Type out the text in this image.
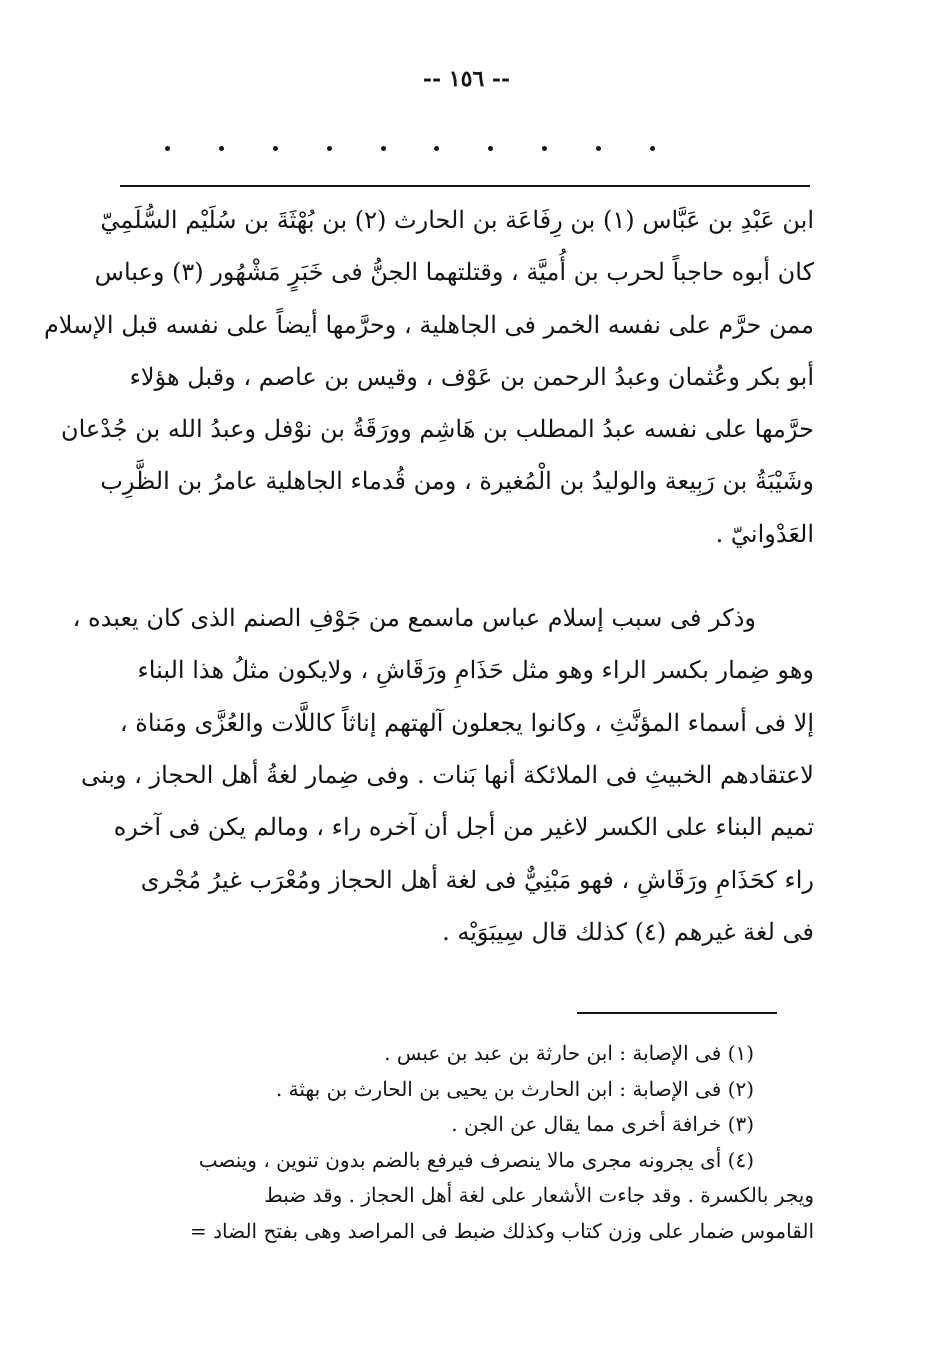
-- ١٥٦ --
ابن عَبْدِ بن عَبَّاس (١) بن رِفَاعَة بن الحارث (٢) بن بُهْثَةَ بن سُلَيْم السُّلَمِيّ
كان أبوه حاجباً لحرب بن أُميَّة ، وقتلتهما الجنُّ فى خَبَرٍ مَشْهُور (٣) وعباس
ممن حرَّم على نفسه الخمر فى الجاهلية ، وحرَّمها أيضاً على نفسه قبل الإسلام
أبو بكر وعُثمان وعبدُ الرحمن بن عَوْف ، وقيس بن عاصم ، وقبل هؤلاء
حرَّمها على نفسه عبدُ المطلب بن هَاشِم وورَقَةُ بن نوْفل وعبدُ الله بن جُدْعان
وشَيْبَةُ بن رَبِيعة والوليدُ بن الْمُغيرة ، ومن قُدماء الجاهلية عامرُ بن الظَّرِب
العَدْوانيّ .
وذكر فى سبب إسلام عباس ماسمع من جَوْفِ الصنم الذى كان يعبده ،
وهو ضِمار بكسر الراء وهو مثل حَذَامِ ورَقَاشِ ، ولايكون مثلُ هذا البناء
إلا فى أسماء المؤنَّثِ ، وكانوا يجعلون آلهتهم إناثاً كاللَّات والعُزَّى ومَناة ،
لاعتقادهم الخبيثِ فى الملائكة أنها بَنات . وفى ضِمار لغةُ أهل الحجاز ، وبنى
تميم البناء على الكسر لاغير من أجل أن آخره راء ، ومالم يكن فى آخره
راء كحَذَامِ ورَقَاشِ ، فهو مَبْنِيٌّ فى لغة أهل الحجاز ومُعْرَب غيرُ مُجْرى
فى لغة غيرهم (٤) كذلك قال سِيبَوَيْه .
(١) فى الإصابة : ابن حارثة بن عبد بن عبس .
(٢) فى الإصابة : ابن الحارث بن يحيى بن الحارث بن بهثة .
(٣) خرافة أخرى مما يقال عن الجن .
(٤) أى يجرونه مجرى مالا ينصرف فيرفع بالضم بدون تنوين ، وينصب
ويجر بالكسرة . وقد جاءت الأشعار على لغة أهل الحجاز . وقد ضبط
القاموس ضمار على وزن كتاب وكذلك ضبط فى المراصد وهى بفتح الضاد =
